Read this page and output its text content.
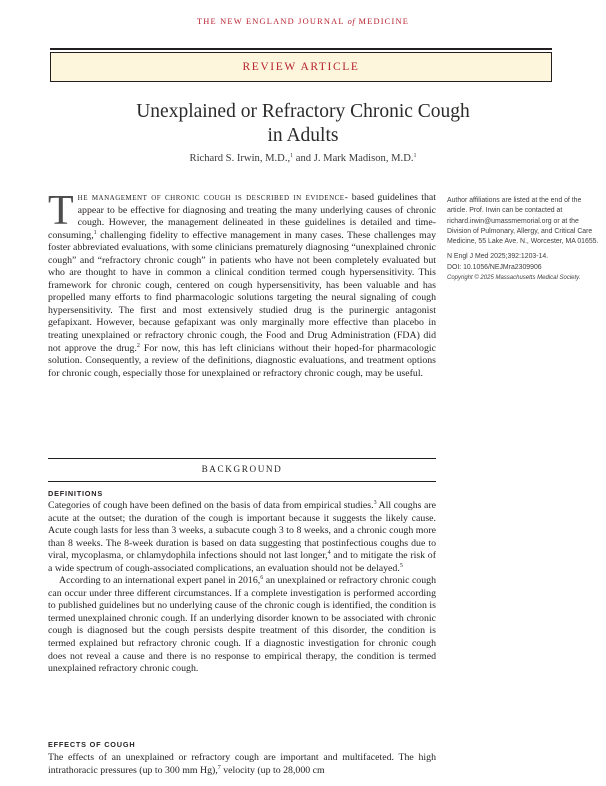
THE NEW ENGLAND JOURNAL of MEDICINE
REVIEW ARTICLE
Unexplained or Refractory Chronic Cough
in Adults
Richard S. Irwin, M.D.,$^1$ and J. Mark Madison, M.D.$^1$

The management of chronic cough is described in evidence- based guidelines that appear to be effective for diagnosing and treating the many underlying causes of chronic cough. However, the management delineated in these guidelines is detailed and time-consuming,$^1$ challenging fidelity to effective management in many cases. These challenges may foster abbreviated evaluations, with some clinicians prematurely diagnosing “unexplained chronic cough” and “refractory chronic cough” in patients who have not been completely evaluated but who are thought to have in common a clinical condition termed cough hypersensitivity. This framework for chronic cough, centered on cough hypersensitivity, has been valuable and has propelled many efforts to find pharmacologic solutions targeting the neural signaling of cough hypersensitivity. The first and most extensively studied drug is the purinergic antagonist gefapixant. However, because gefapixant was only marginally more effective than placebo in treating unexplained or refractory chronic cough, the Food and Drug Administration (FDA) did not approve the drug.$^2$ For now, this has left clinicians without their hoped-for pharmacologic solution. Consequently, a review of the definitions, diagnostic evaluations, and treatment options for chronic cough, especially those for unexplained or refractory chronic cough, may be useful.

Author affiliations are listed at the end of the article. Prof. Irwin can be contacted at richard.irwin@umassmemorial.org or at the Division of Pulmonary, Allergy, and Critical Care Medicine, 55 Lake Ave. N., Worcester, MA 01655.

N Engl J Med 2025;392:1203-14.

DOI: 10.1056/NEJMra2309906

Copyright © 2025 Massachusetts Medical Society.

BACKGROUND
DEFINITIONS

Categories of cough have been defined on the basis of data from empirical studies.$^3$ All coughs are acute at the outset; the duration of the cough is important because it suggests the likely cause. Acute cough lasts for less than 3 weeks, a subacute cough 3 to 8 weeks, and a chronic cough more than 8 weeks. The 8-week duration is based on data suggesting that postinfectious coughs due to viral, mycoplasma, or chlamydophila infections should not last longer,$^4$ and to mitigate the risk of a wide spectrum of cough-associated complications, an evaluation should not be delayed.$^5$

According to an international expert panel in 2016,$^6$ an unexplained or refractory chronic cough can occur under three different circumstances. If a complete investigation is performed according to published guidelines but no underlying cause of the chronic cough is identified, the condition is termed unexplained chronic cough. If an underlying disorder known to be associated with chronic cough is diagnosed but the cough persists despite treatment of this disorder, the condition is termed explained but refractory chronic cough. If a diagnostic investigation for chronic cough does not reveal a cause and there is no response to empirical therapy, the condition is termed unexplained refractory chronic cough.

EFFECTS OF COUGH

The effects of an unexplained or refractory cough are important and multifaceted. The high intrathoracic pressures (up to 300 mm Hg),$^7$ velocity (up to 28,000 cm
